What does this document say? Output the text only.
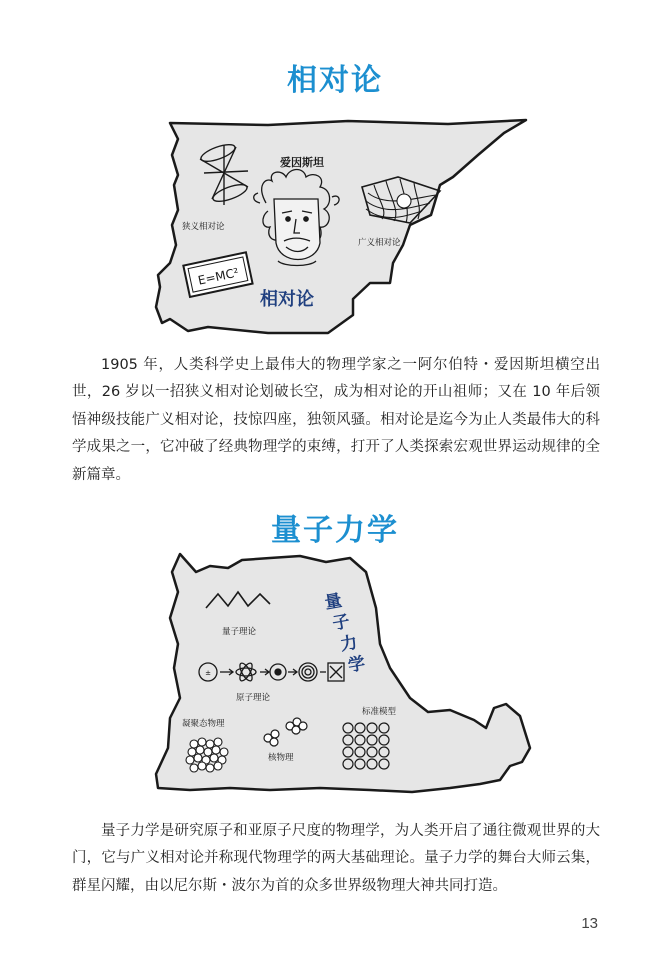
相对论
狭义相对论
爱因斯坦
广义相对论
E=MC²
相对论

1905 年，人类科学史上最伟大的物理学家之一阿尔伯特・爱因斯坦横空出世，26 岁以一招狭义相对论划破长空，成为相对论的开山祖师；又在 10 年后领悟神级技能广义相对论，技惊四座，独领风骚。相对论是迄今为止人类最伟大的科学成果之一，它冲破了经典物理学的束缚，打开了人类探索宏观世界运动规律的全新篇章。

量子力学
量子理论
±
原子理论
量
子
力
学
凝聚态物理
核物理
标准模型

量子力学是研究原子和亚原子尺度的物理学，为人类开启了通往微观世界的大门，它与广义相对论并称现代物理学的两大基础理论。量子力学的舞台大师云集，群星闪耀，由以尼尔斯・波尔为首的众多世界级物理大神共同打造。

13
